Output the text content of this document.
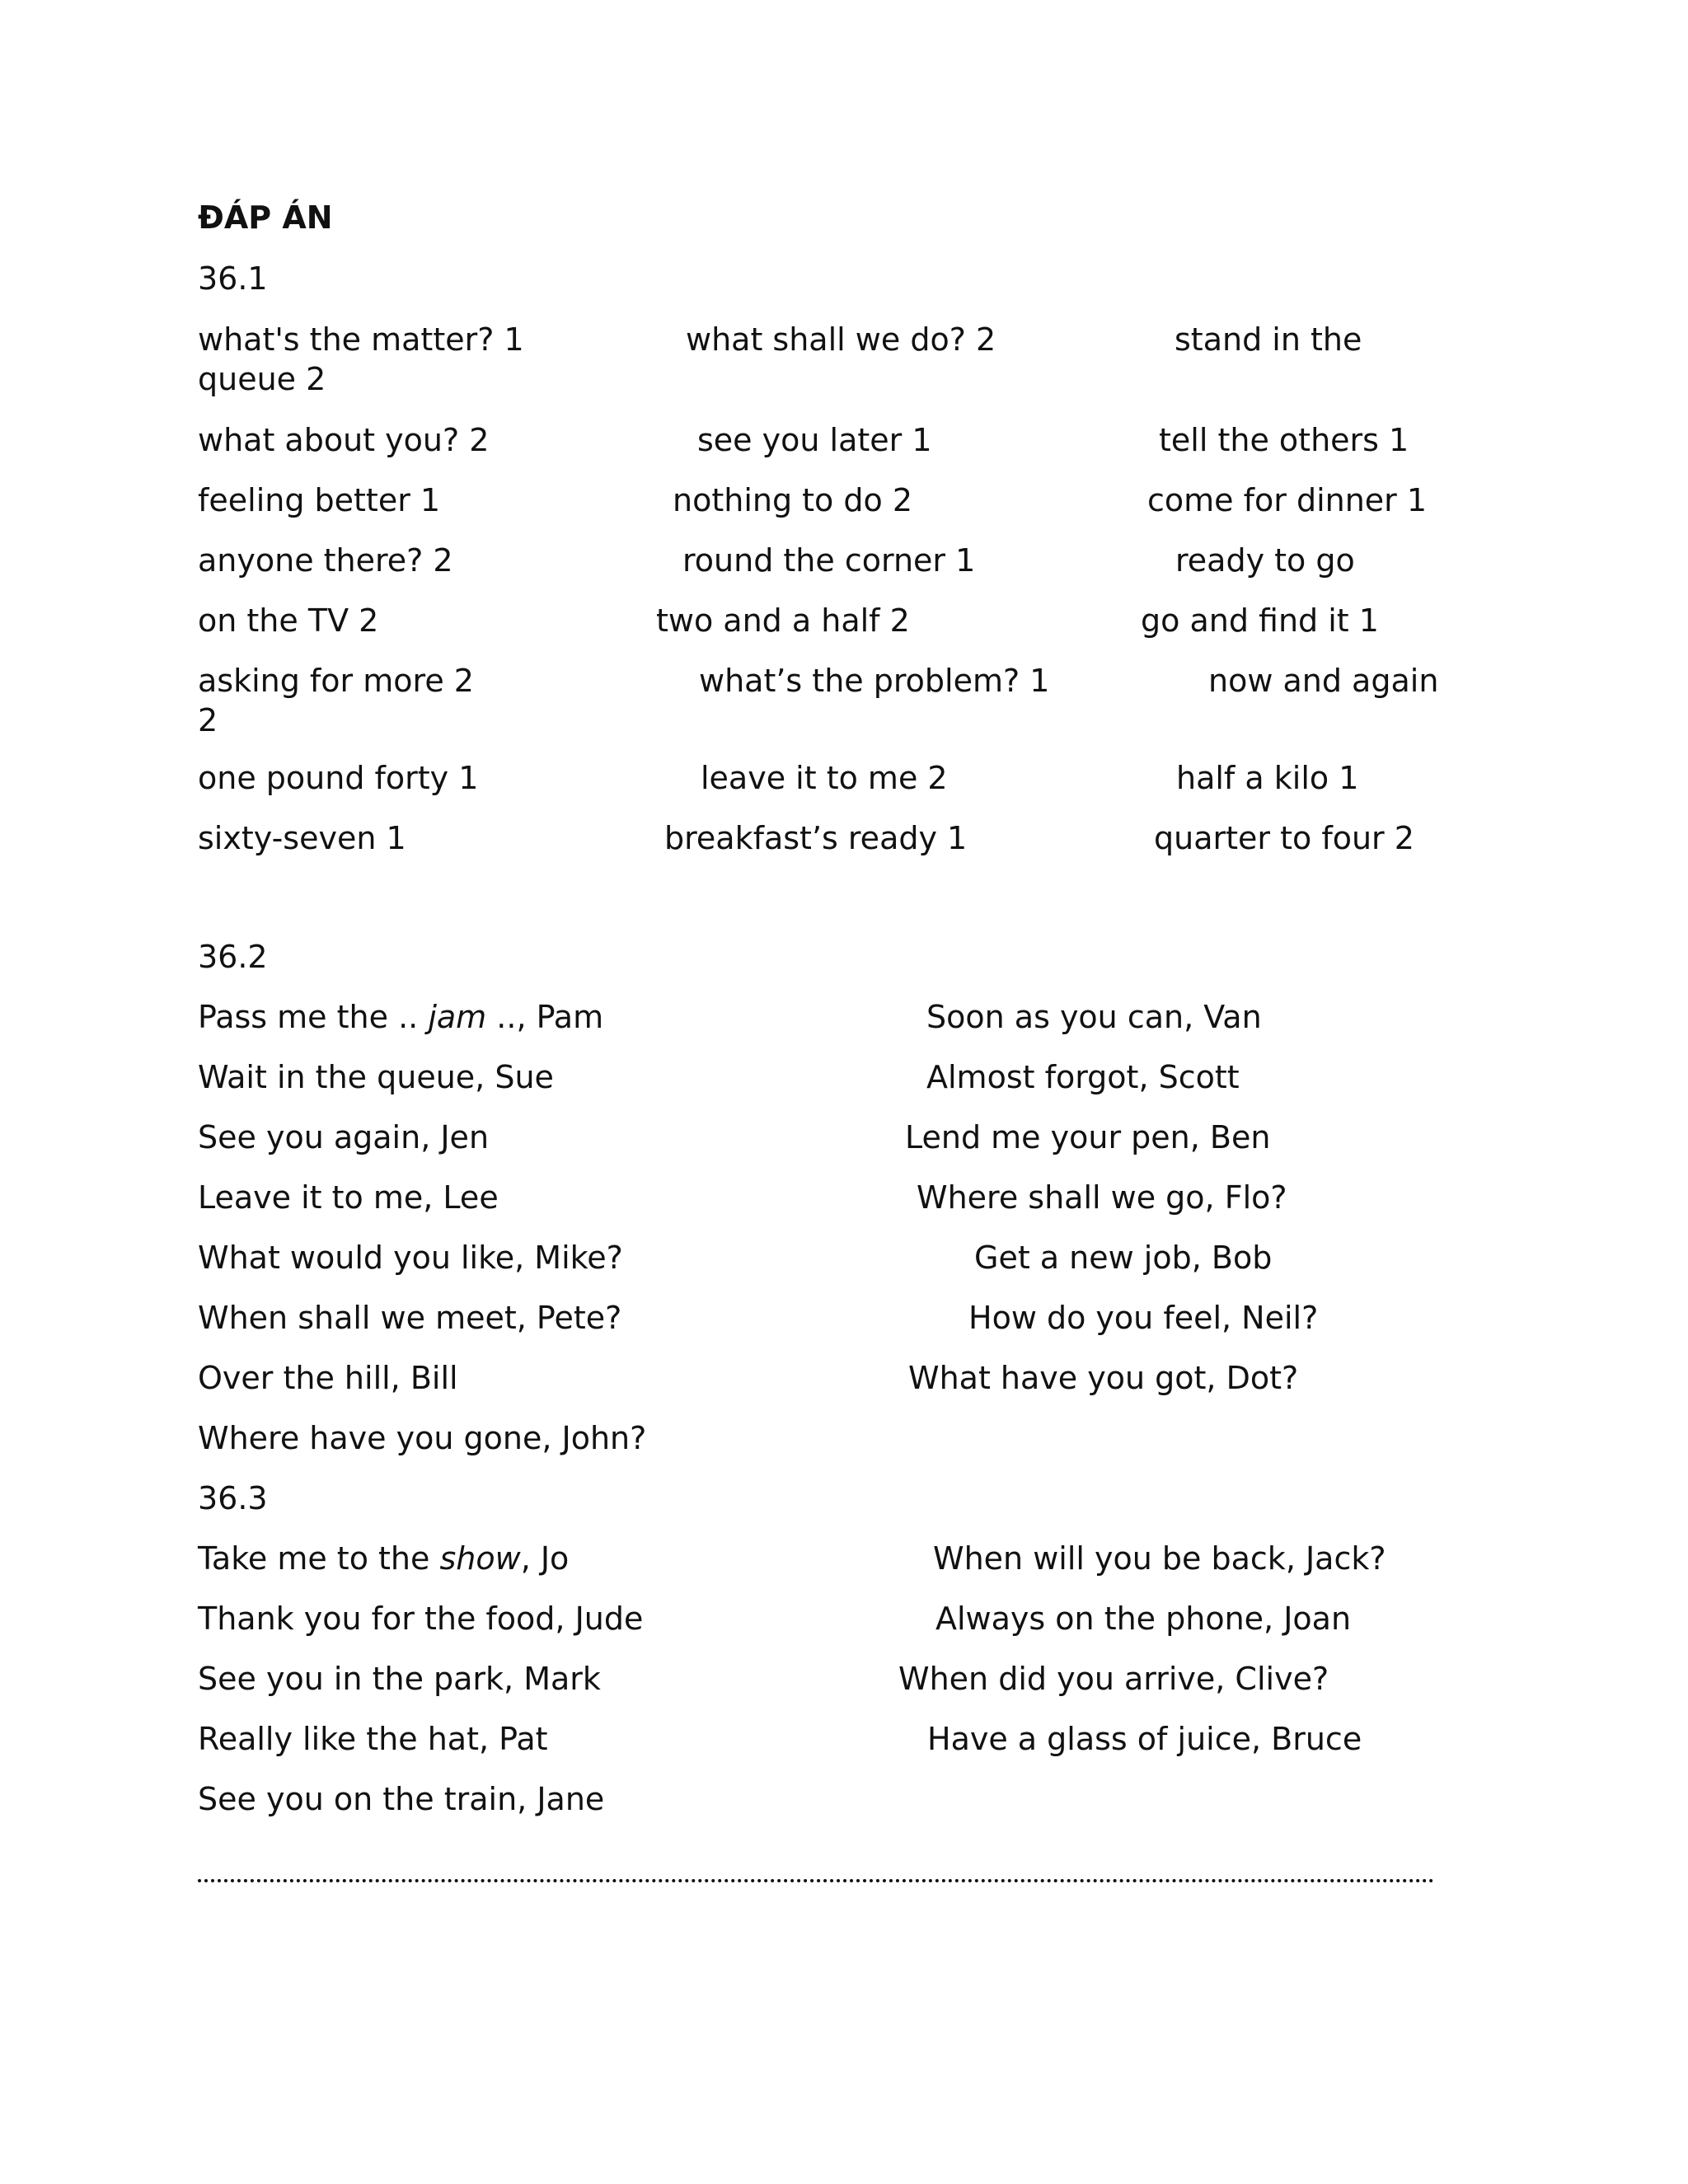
ĐÁP ÁN
36.1
what's the matter? 1	what shall we do? 2	stand in the
queue 2
what about you? 2	see you later 1	tell the others 1
feeling better 1	nothing to do 2	come for dinner 1
anyone there? 2	round the corner 1	ready to go
on the TV 2	two and a half 2	go and find it 1
asking for more 2	what’s the problem? 1	now and again
2
one pound forty 1	leave it to me 2	half a kilo 1
sixty-seven 1	breakfast’s ready 1	quarter to four 2
36.2
Pass me the .. jam .., Pam	Soon as you can, Van
Wait in the queue, Sue	Almost forgot, Scott
See you again, Jen	Lend me your pen, Ben
Leave it to me, Lee	Where shall we go, Flo?
What would you like, Mike?	Get a new job, Bob
When shall we meet, Pete?	How do you feel, Neil?
Over the hill, Bill	What have you got, Dot?
Where have you gone, John?
36.3
Take me to the show, Jo	When will you be back, Jack?
Thank you for the food, Jude	Always on the phone, Joan
See you in the park, Mark	When did you arrive, Clive?
Really like the hat, Pat	Have a glass of juice, Bruce
See you on the train, Jane
